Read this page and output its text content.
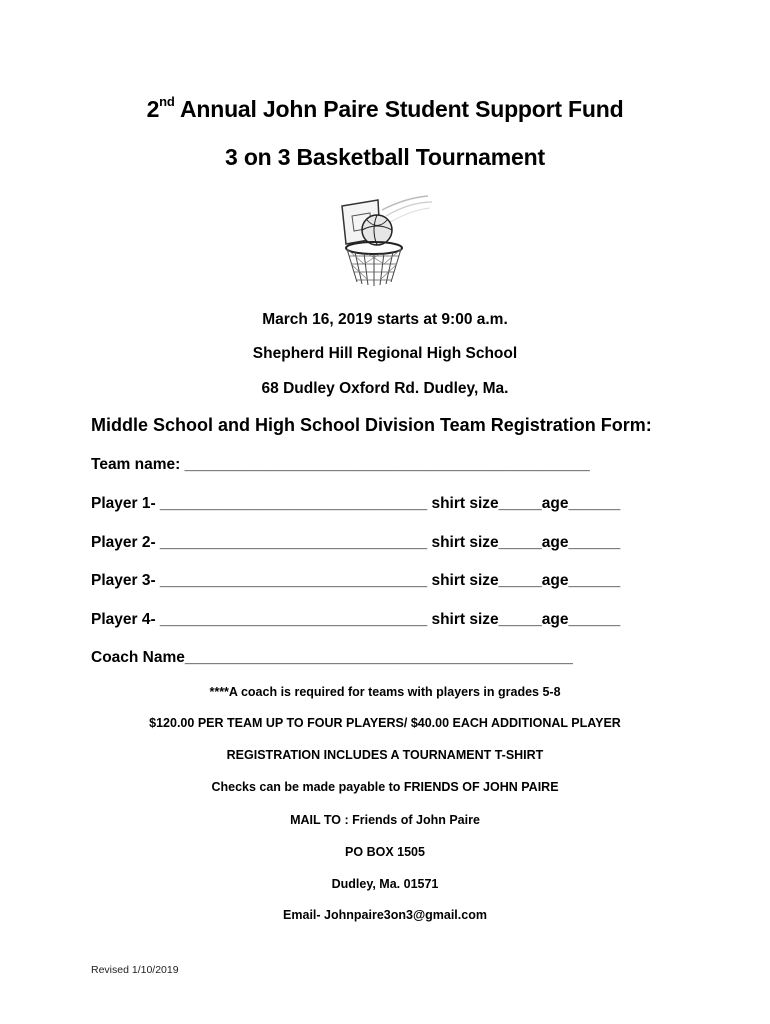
2nd Annual John Paire Student Support Fund
3 on 3 Basketball Tournament
March 16, 2019 starts at 9:00 a.m.
Shepherd Hill Regional High School
68 Dudley Oxford Rd. Dudley, Ma.
Middle School and High School Division Team Registration Form:
Team name: _______________________________________________
Player 1- _______________________________ shirt size_____age______
Player 2- _______________________________ shirt size_____age______
Player 3- _______________________________ shirt size_____age______
Player 4- _______________________________ shirt size_____age______
Coach Name_____________________________________________
****A coach is required for teams with players in grades 5-8
$120.00 PER TEAM UP TO FOUR PLAYERS/ $40.00 EACH ADDITIONAL PLAYER
REGISTRATION INCLUDES A TOURNAMENT T-SHIRT
Checks can be made payable to FRIENDS OF JOHN PAIRE
MAIL TO : Friends of John Paire
PO BOX 1505
Dudley, Ma. 01571
Email- Johnpaire3on3@gmail.com
Revised 1/10/2019
